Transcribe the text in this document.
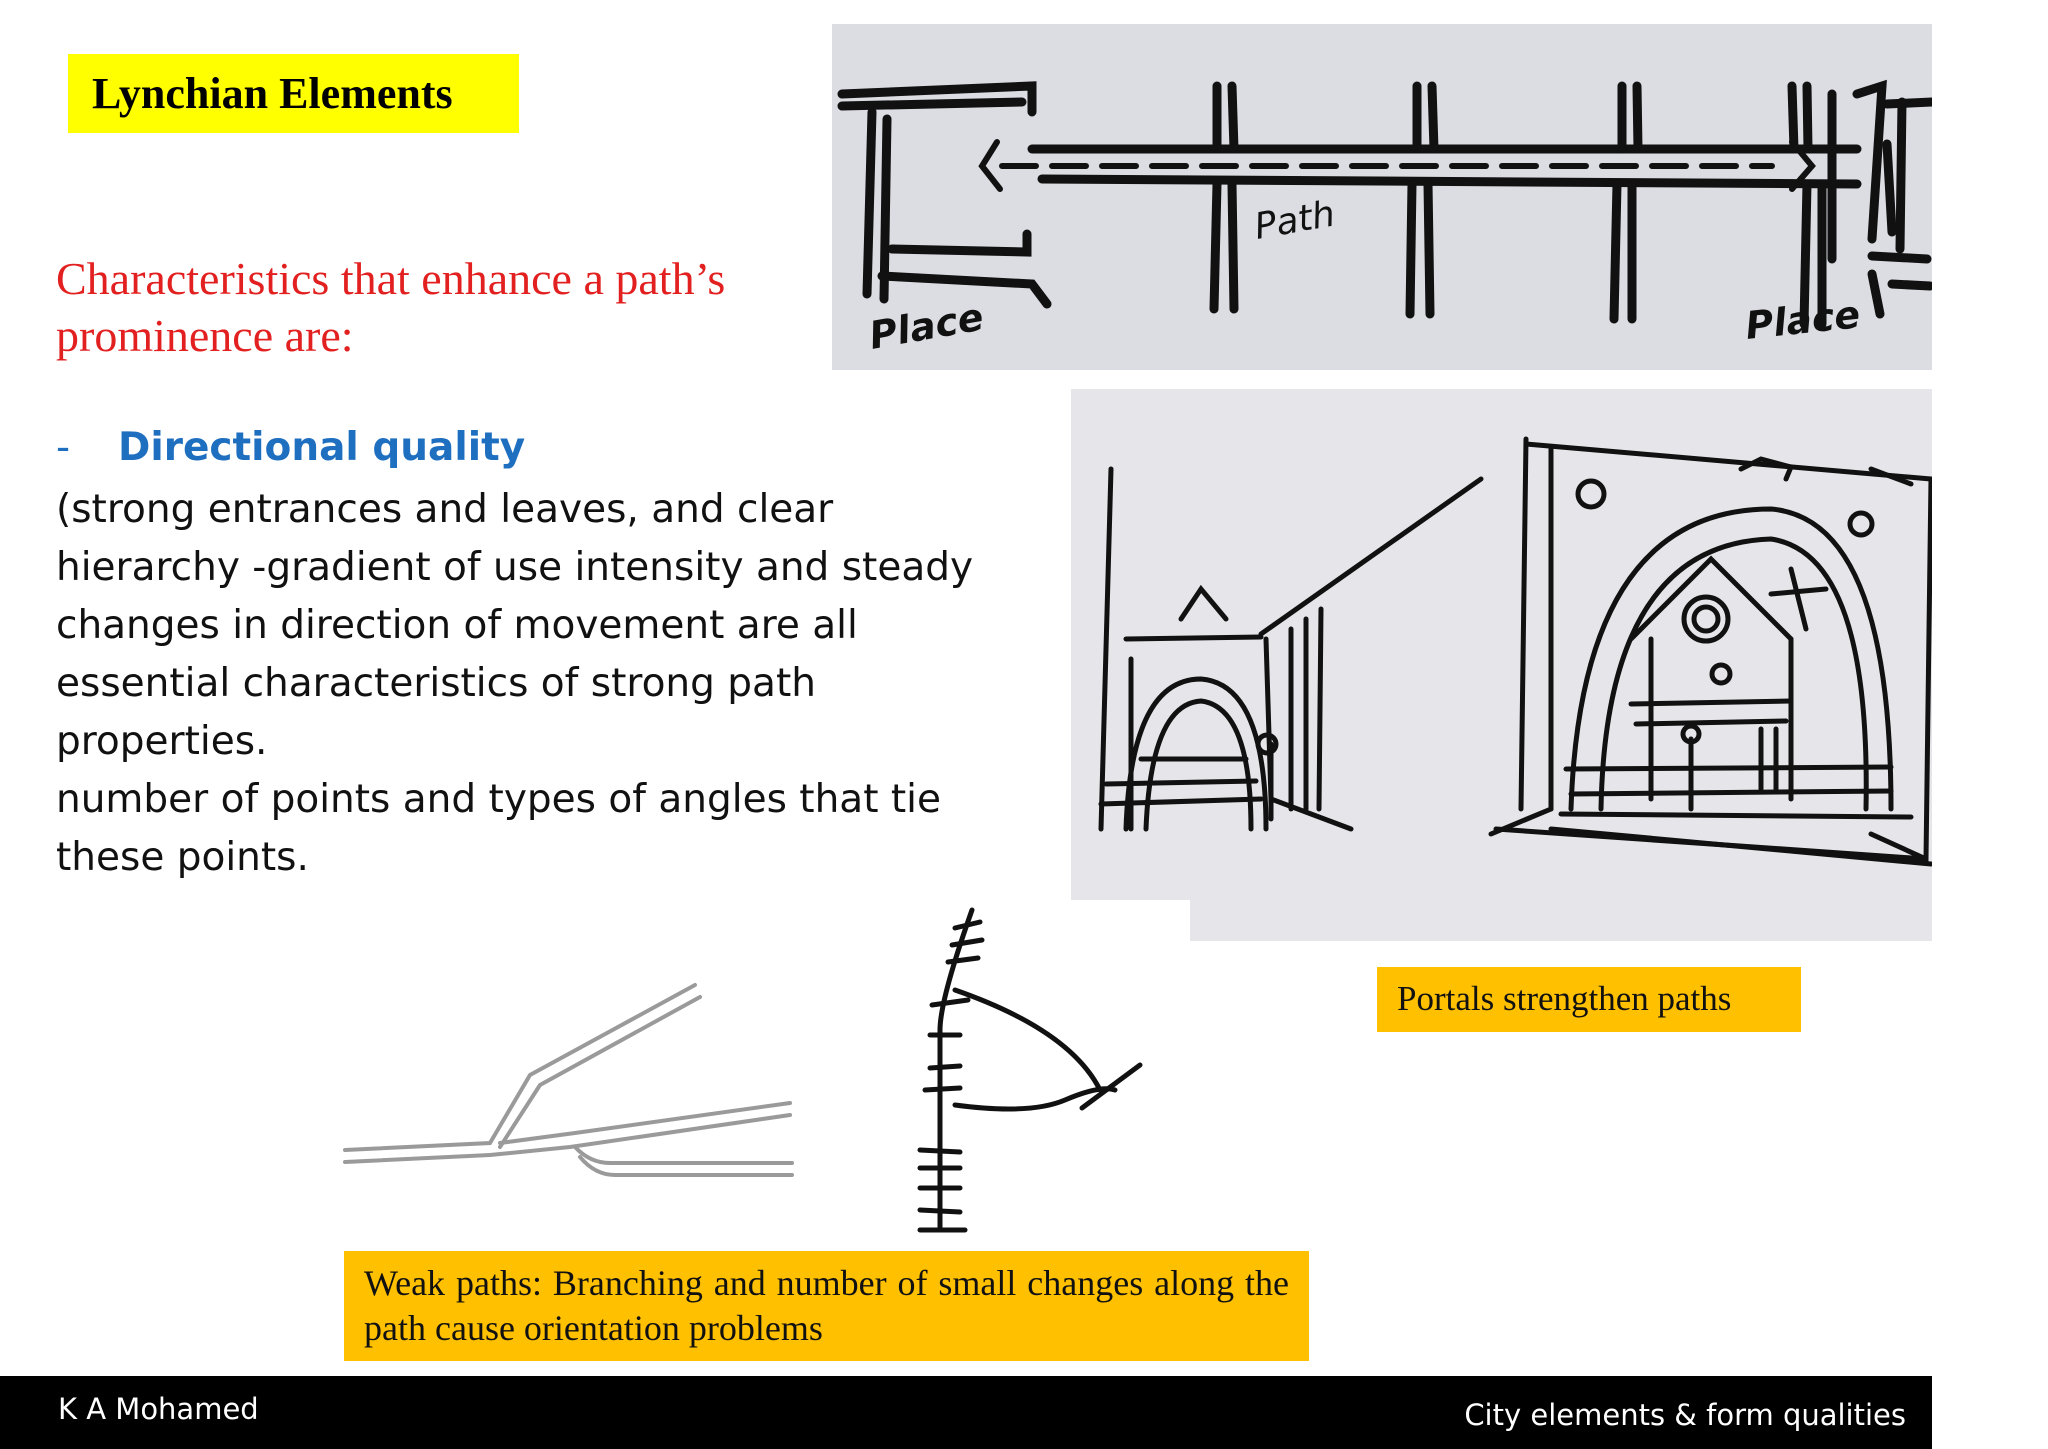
Lynchian Elements
Characteristics that enhance a path’s prominence are:
- Directional quality

(strong entrances and leaves, and clear hierarchy -gradient of use intensity and steady changes in direction of movement are all essential characteristics of strong path properties.

number of points and types of angles that tie these points.

Path
Place	Place
Portals strengthen paths
Weak paths: Branching and number of small changes along the path cause orientation problems
K A Mohamed	City elements & form qualities
